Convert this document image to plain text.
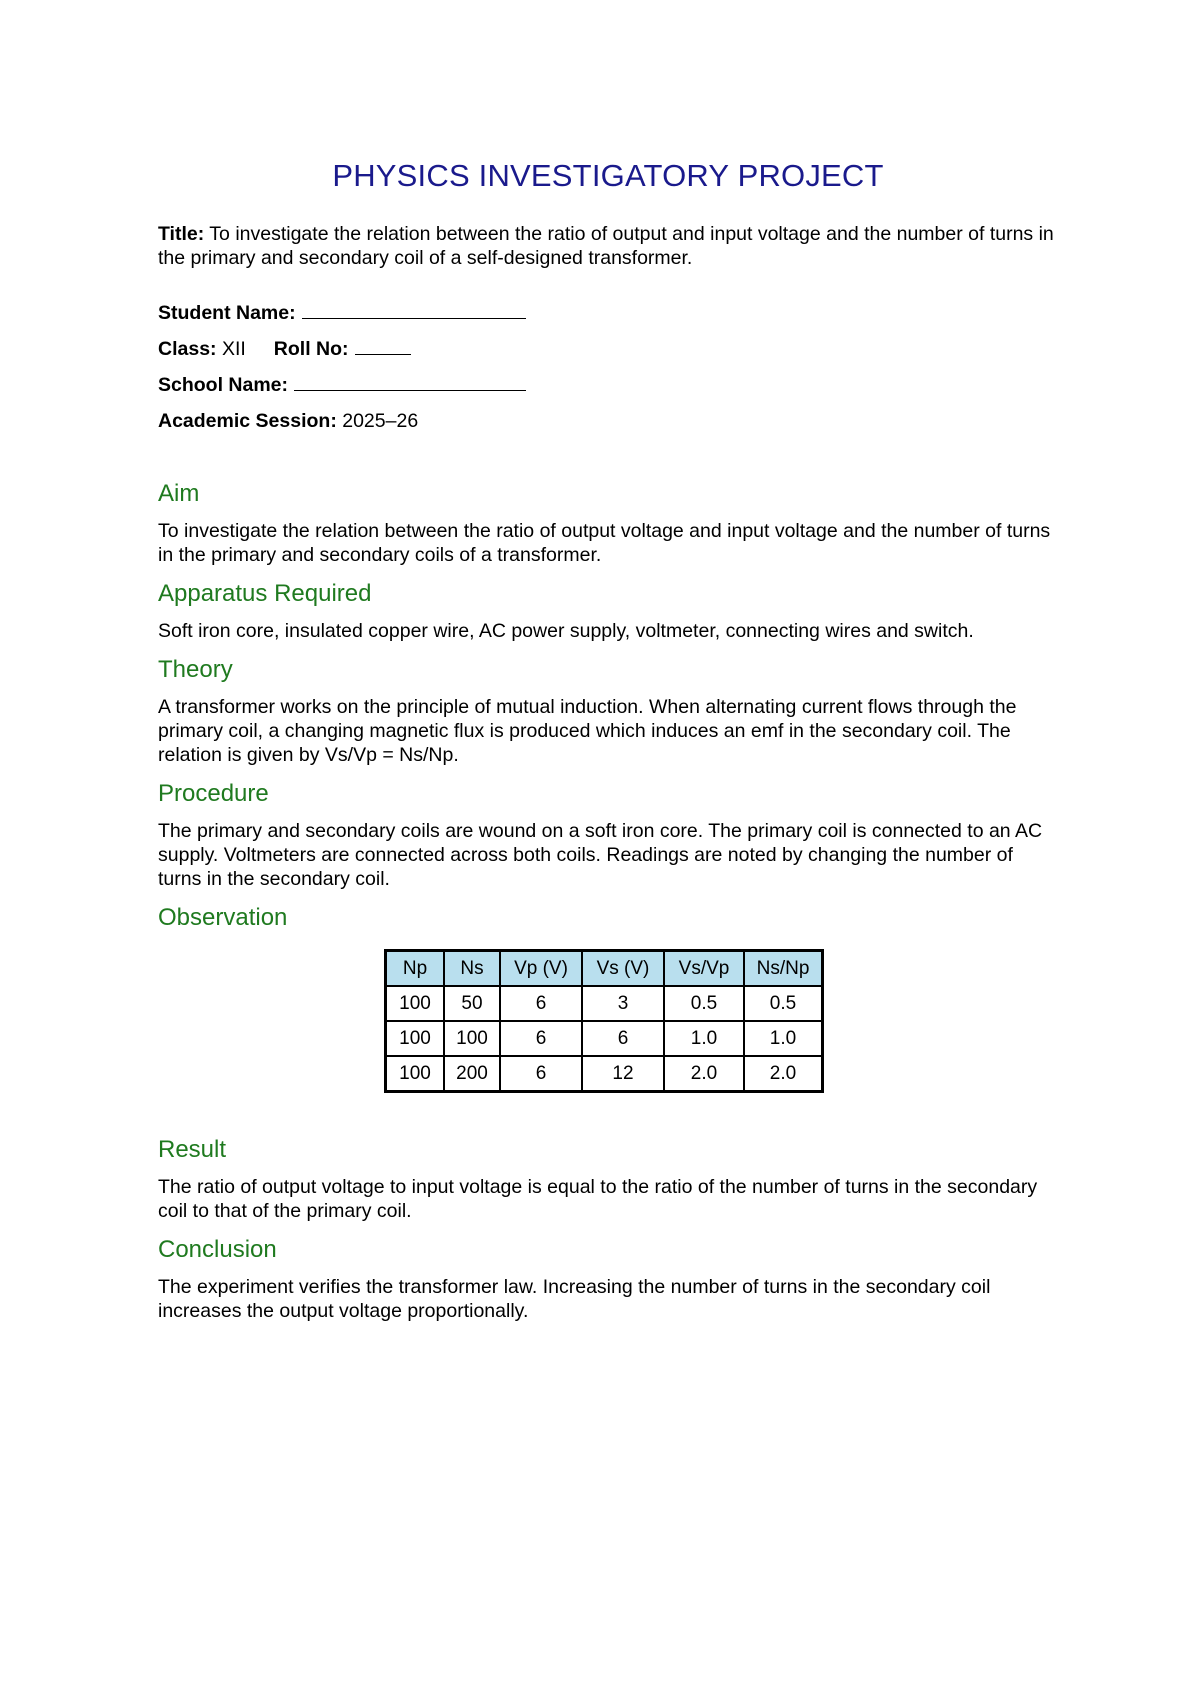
PHYSICS INVESTIGATORY PROJECT

Title: To investigate the relation between the ratio of output and input voltage and the number of turns in the primary and secondary coil of a self-designed transformer.

Student Name:

Class: XII Roll No:

School Name:

Academic Session: 2025–26

Aim

To investigate the relation between the ratio of output voltage and input voltage and the number of turns in the primary and secondary coils of a transformer.

Apparatus Required

Soft iron core, insulated copper wire, AC power supply, voltmeter, connecting wires and switch.

Theory

A transformer works on the principle of mutual induction. When alternating current flows through the primary coil, a changing magnetic flux is produced which induces an emf in the secondary coil. The relation is given by Vs/Vp = Ns/Np.

Procedure

The primary and secondary coils are wound on a soft iron core. The primary coil is connected to an AC supply. Voltmeters are connected across both coils. Readings are noted by changing the number of turns in the secondary coil.

Observation
Np	Ns	Vp (V)	Vs (V)	Vs/Vp	Ns/Np
100	50	6	3	0.5	0.5
100	100	6	6	1.0	1.0
100	200	6	12	2.0	2.0
Result

The ratio of output voltage to input voltage is equal to the ratio of the number of turns in the secondary coil to that of the primary coil.

Conclusion

The experiment verifies the transformer law. Increasing the number of turns in the secondary coil increases the output voltage proportionally.
